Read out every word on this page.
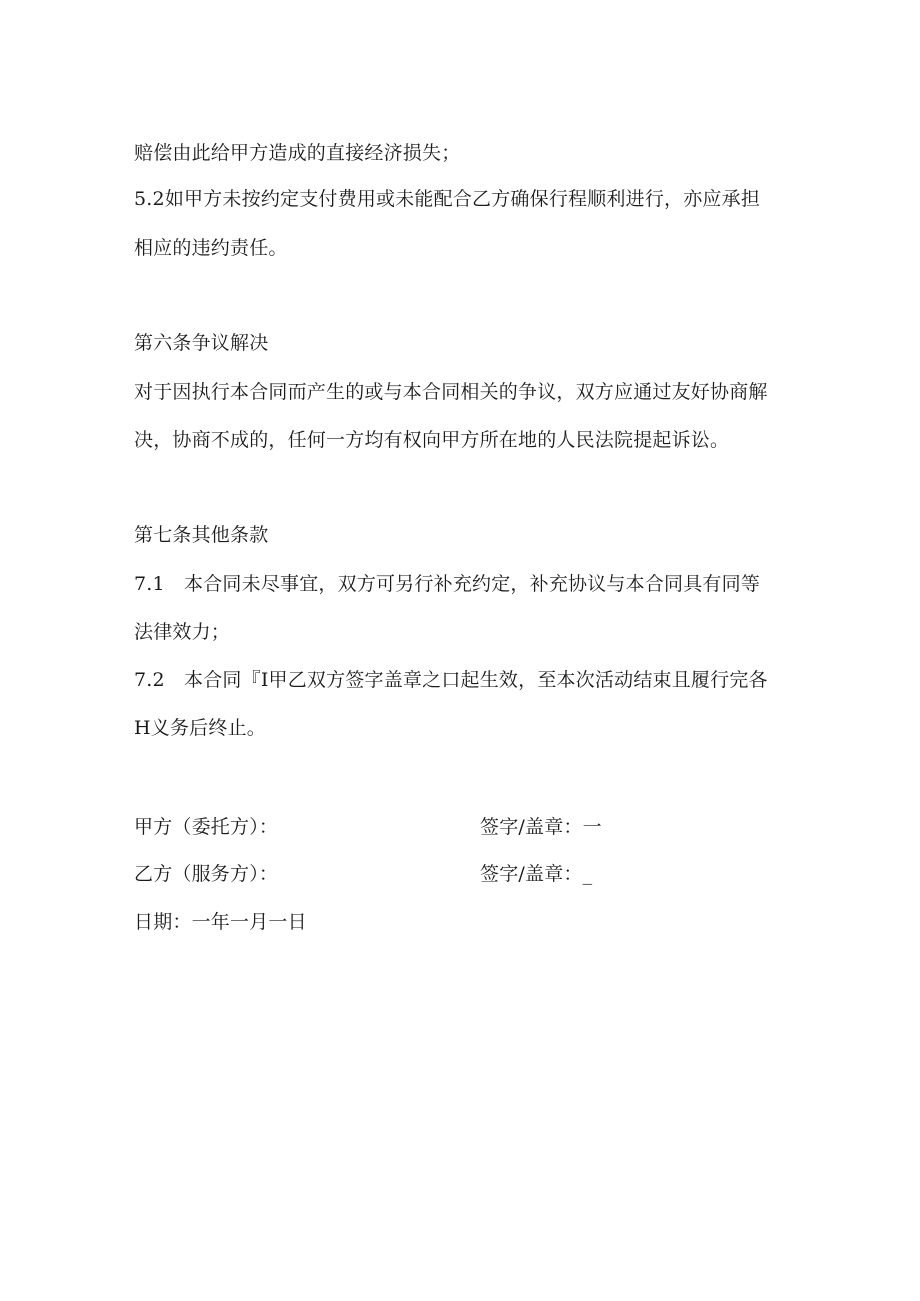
赔偿由此给甲方造成的直接经济损失；
5.2如甲方未按约定支付费用或未能配合乙方确保行程顺利进行，亦应承担
相应的违约责任。
第六条争议解决
对于因执行本合同而产生的或与本合同相关的争议，双方应通过友好协商解
决，协商不成的，任何一方均有权向甲方所在地的人民法院提起诉讼。
第七条其他条款
7.1　本合同未尽事宜，双方可另行补充约定，补充协议与本合同具有同等
法律效力；
7.2　本合同『I甲乙双方签字盖章之口起生效，至本次活动结束且履行完各
H义务后终止。
甲方（委托方）：	签字/盖章：一
乙方（服务方）：	签字/盖章：_
日期：一年一月一日
